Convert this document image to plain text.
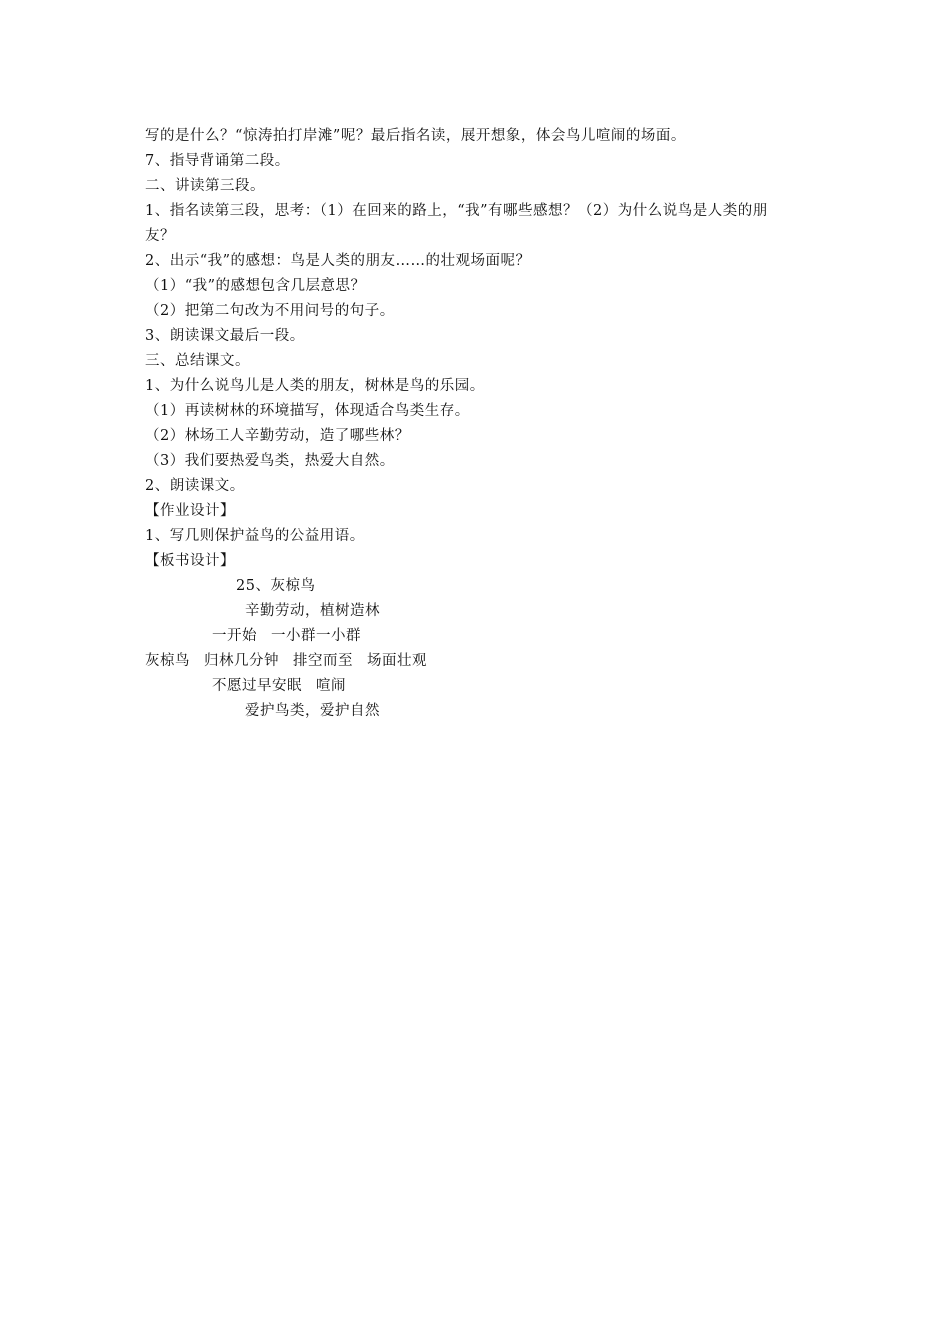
写的是什么？“惊涛拍打岸滩”呢？最后指名读，展开想象，体会鸟儿喧闹的场面。
7、指导背诵第二段。
二、讲读第三段。
1、指名读第三段，思考：（1）在回来的路上，“我”有哪些感想？（2）为什么说鸟是人类的朋
友？
2、出示“我”的感想：鸟是人类的朋友……的壮观场面呢？
（1）“我”的感想包含几层意思？
（2）把第二句改为不用问号的句子。
3、朗读课文最后一段。
三、总结课文。
1、为什么说鸟儿是人类的朋友，树林是鸟的乐园。
（1）再读树林的环境描写，体现适合鸟类生存。
（2）林场工人辛勤劳动，造了哪些林？
（3）我们要热爱鸟类，热爱大自然。
2、朗读课文。
【作业设计】
1、写几则保护益鸟的公益用语。
【板书设计】
25、灰椋鸟
辛勤劳动，植树造林
一开始 一小群一小群
灰椋鸟 归林几分钟 排空而至 场面壮观
不愿过早安眠 喧闹
爱护鸟类，爱护自然
